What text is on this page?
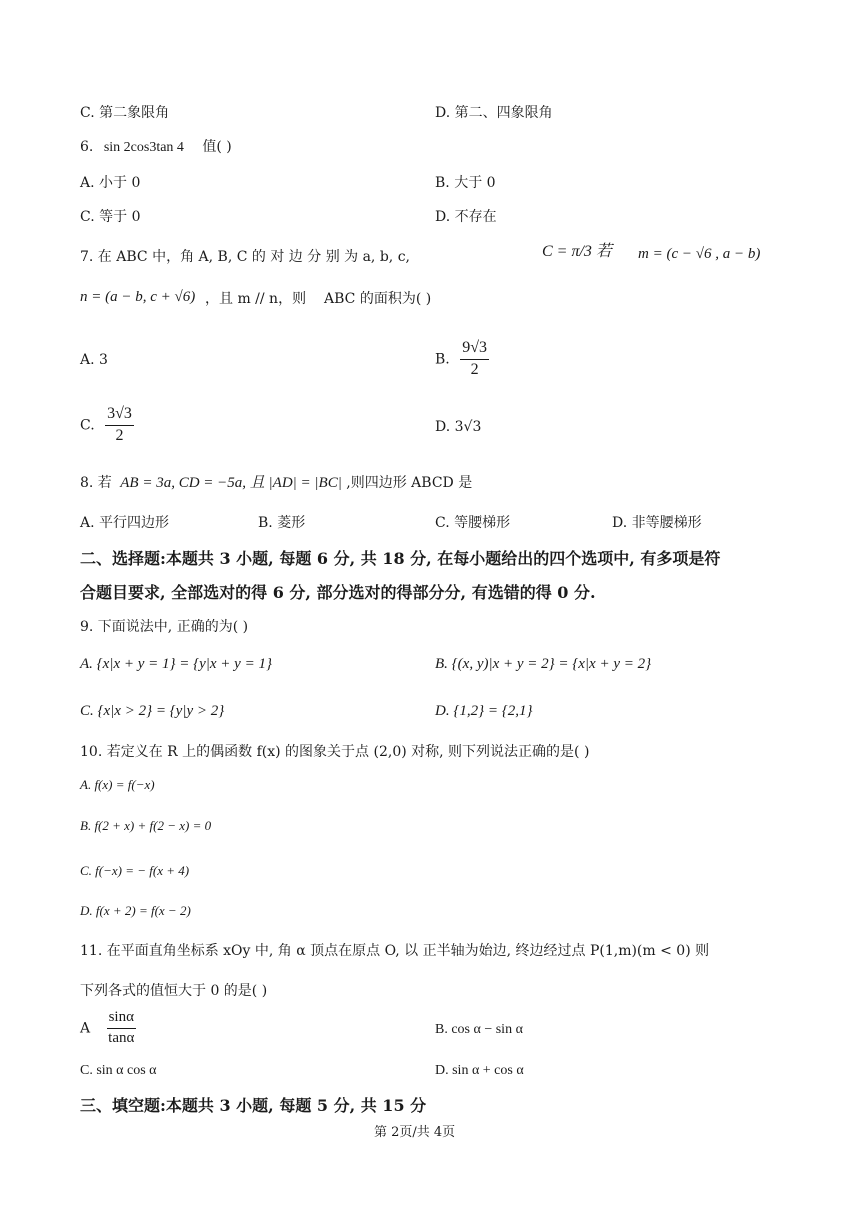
C. 第二象限角	D. 第二、四象限角
6. sin 2cos3tan 4 值( )
A. 小于 0	B. 大于 0
C. 等于 0	D. 不存在
7. 在 ABC 中，角 A, B, C 的 对 边 分 别 为 a, b, c,	C = π/3 若 m = (c − √6 , a − b)
n = (a − b, c + √6) ，且 m // n，则 ABC 的面积为( )
A. 3	B. $\frac{9√3}{2}$
C. $\frac{3√3}{2}$	D. 3√3
8. 若 AB = 3a, CD = −5a, 且 |AD| = |BC| ,则四边形 ABCD 是
A. 平行四边形	B. 菱形	C. 等腰梯形	D. 非等腰梯形
二、选择题:本题共 3 小题, 每题 6 分, 共 18 分, 在每小题给出的四个选项中, 有多项是符
合题目要求, 全部选对的得 6 分, 部分选对的得部分分, 有选错的得 0 分.
9. 下面说法中, 正确的为( )
A. {x|x + y = 1} = {y|x + y = 1}	B. {(x, y)|x + y = 2} = {x|x + y = 2}
C. {x|x > 2} = {y|y > 2}	D. {1,2} = {2,1}
10. 若定义在 R 上的偶函数 f(x) 的图象关于点 (2,0) 对称, 则下列说法正确的是( )
A. f(x) = f(−x)
B. f(2 + x) + f(2 − x) = 0
C. f(−x) = − f(x + 4)
D. f(x + 2) = f(x − 2)
11. 在平面直角坐标系 xOy 中, 角 α 顶点在原点 O, 以 正半轴为始边, 终边经过点 P(1,m)(m < 0) 则
下列各式的值恒大于 0 的是( )
A $\frac{\sin\alpha}{\tan\alpha}$	B. cos α − sin α
C. sin α cos α	D. sin α + cos α
三、填空题:本题共 3 小题, 每题 5 分, 共 15 分
第 2页/共 4页
